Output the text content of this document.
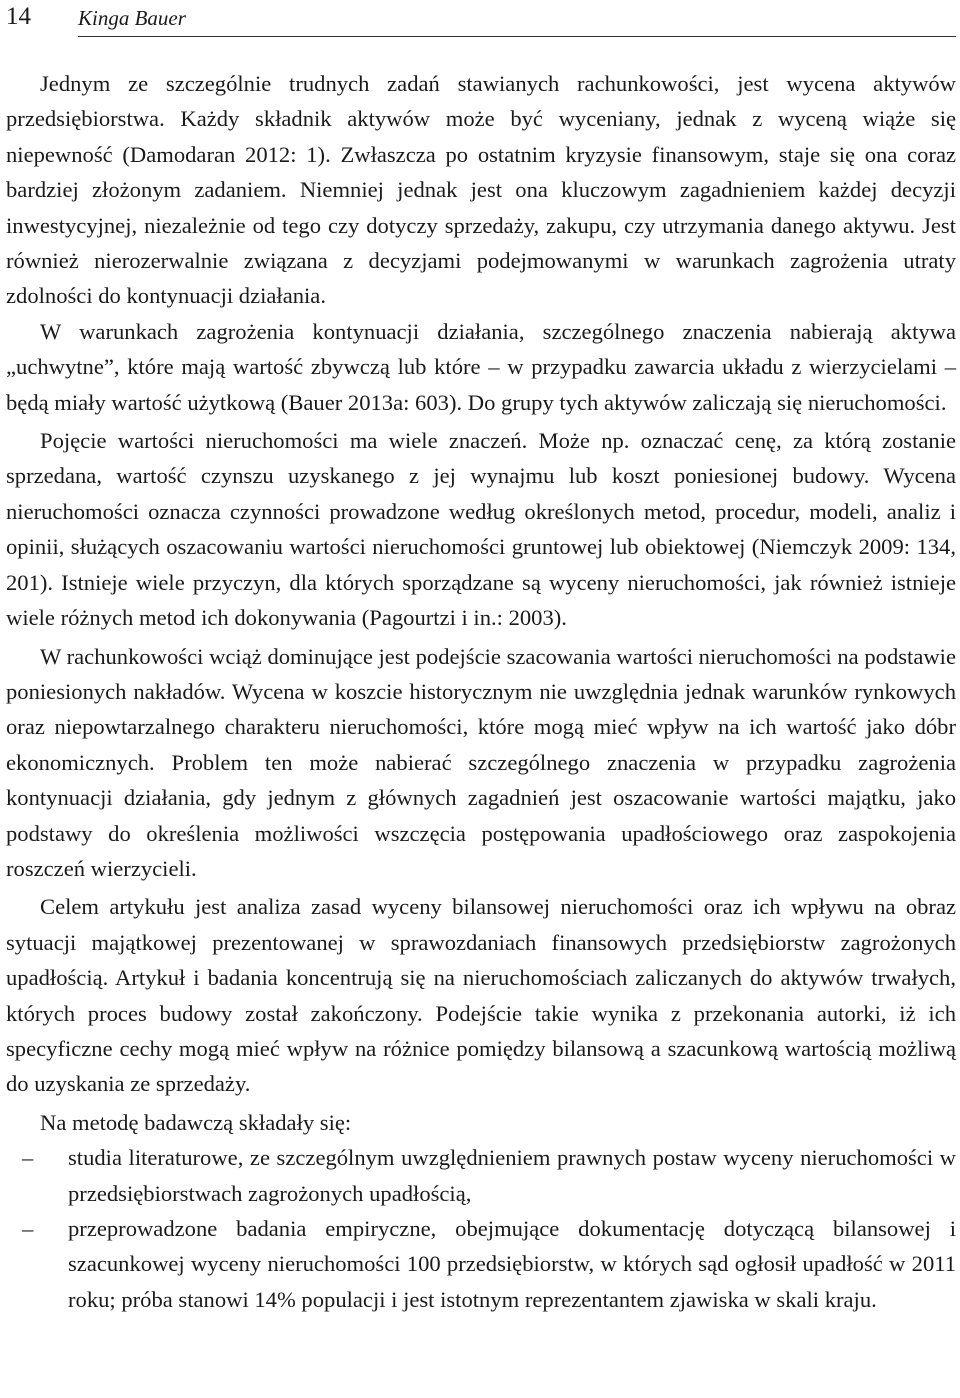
14 Kinga Bauer

Jednym ze szczególnie trudnych zadań stawianych rachunkowości, jest wycena aktywów przedsiębiorstwa. Każdy składnik aktywów może być wyceniany, jednak z wyceną wiąże się niepewność (Damodaran 2012: 1). Zwłaszcza po ostatnim kryzysie finansowym, staje się ona coraz bardziej złożonym zadaniem. Niemniej jednak jest ona kluczowym zagadnieniem każdej decyzji inwestycyjnej, niezależnie od tego czy dotyczy sprzedaży, zakupu, czy utrzymania danego aktywu. Jest również nierozerwalnie związana z decyzjami podejmowanymi w warunkach zagrożenia utraty zdolności do kontynuacji działania.

W warunkach zagrożenia kontynuacji działania, szczególnego znaczenia nabierają aktywa „uchwytne”, które mają wartość zbywczą lub które – w przypadku zawarcia układu z wierzycielami – będą miały wartość użytkową (Bauer 2013a: 603). Do grupy tych aktywów zaliczają się nieruchomości.

Pojęcie wartości nieruchomości ma wiele znaczeń. Może np. oznaczać cenę, za którą zostanie sprzedana, wartość czynszu uzyskanego z jej wynajmu lub koszt poniesionej budowy. Wycena nieruchomości oznacza czynności prowadzone według określonych metod, procedur, modeli, analiz i opinii, służących oszacowaniu wartości nieruchomości gruntowej lub obiektowej (Niemczyk 2009: 134, 201). Istnieje wiele przyczyn, dla których sporządzane są wyceny nieruchomości, jak również istnieje wiele różnych metod ich dokonywania (Pagourtzi i in.: 2003).

W rachunkowości wciąż dominujące jest podejście szacowania wartości nieruchomości na podstawie poniesionych nakładów. Wycena w koszcie historycznym nie uwzględnia jednak warunków rynkowych oraz niepowtarzalnego charakteru nieruchomości, które mogą mieć wpływ na ich wartość jako dóbr ekonomicznych. Problem ten może nabierać szczególnego znaczenia w przypadku zagrożenia kontynuacji działania, gdy jednym z głównych zagadnień jest oszacowanie wartości majątku, jako podstawy do określenia możliwości wszczęcia postępowania upadłościowego oraz zaspokojenia roszczeń wierzycieli.

Celem artykułu jest analiza zasad wyceny bilansowej nieruchomości oraz ich wpływu na obraz sytuacji majątkowej prezentowanej w sprawozdaniach finansowych przedsiębiorstw zagrożonych upadłością. Artykuł i badania koncentrują się na nieruchomościach zaliczanych do aktywów trwałych, których proces budowy został zakończony. Podejście takie wynika z przekonania autorki, iż ich specyficzne cechy mogą mieć wpływ na różnice pomiędzy bilansową a szacunkową wartością możliwą do uzyskania ze sprzedaży.

Na metodę badawczą składały się:

– studia literaturowe, ze szczególnym uwzględnieniem prawnych postaw wyceny nieruchomości w przedsiębiorstwach zagrożonych upadłością,
– przeprowadzone badania empiryczne, obejmujące dokumentację dotyczącą bilansowej i szacunkowej wyceny nieruchomości 100 przedsiębiorstw, w których sąd ogłosił upadłość w 2011 roku; próba stanowi 14% populacji i jest istotnym reprezentantem zjawiska w skali kraju.
